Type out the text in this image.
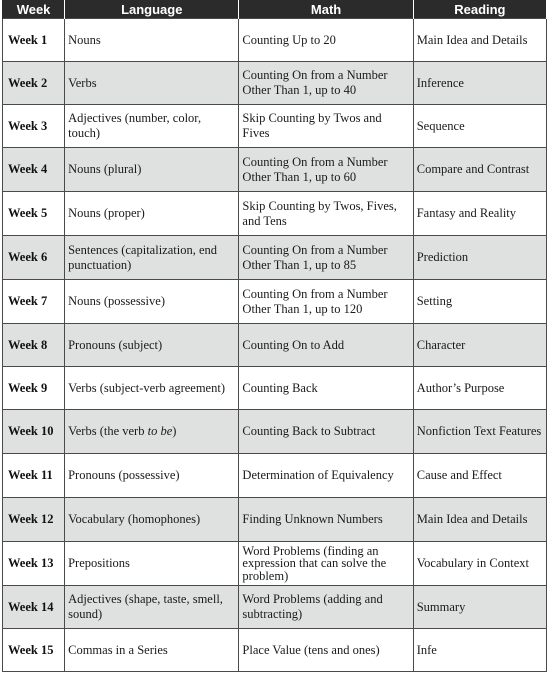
Week	Language	Math	Reading
Week 1	Nouns	Counting Up to 20	Main Idea and Details
Week 2	Verbs	Counting On from a Number Other Than 1, up to 40	Inference
Week 3	Adjectives (number, color, touch)	Skip Counting by Twos and Fives	Sequence
Week 4	Nouns (plural)	Counting On from a Number Other Than 1, up to 60	Compare and Contrast
Week 5	Nouns (proper)	Skip Counting by Twos, Fives, and Tens	Fantasy and Reality
Week 6	Sentences (capitalization, end punctuation)	Counting On from a Number Other Than 1, up to 85	Prediction
Week 7	Nouns (possessive)	Counting On from a Number Other Than 1, up to 120	Setting
Week 8	Pronouns (subject)	Counting On to Add	Character
Week 9	Verbs (subject-verb agreement)	Counting Back	Author’s Purpose
Week 10	Verbs (the verb to be)	Counting Back to Subtract	Nonfiction Text Features
Week 11	Pronouns (possessive)	Determination of Equivalency	Cause and Effect
Week 12	Vocabulary (homophones)	Finding Unknown Numbers	Main Idea and Details
Week 13	Prepositions	Word Problems (finding an expression that can solve the problem)	Vocabulary in Context
Week 14	Adjectives (shape, taste, smell, sound)	Word Problems (adding and subtracting)	Summary
Week 15	Commas in a Series	Place Value (tens and ones)	Infe
